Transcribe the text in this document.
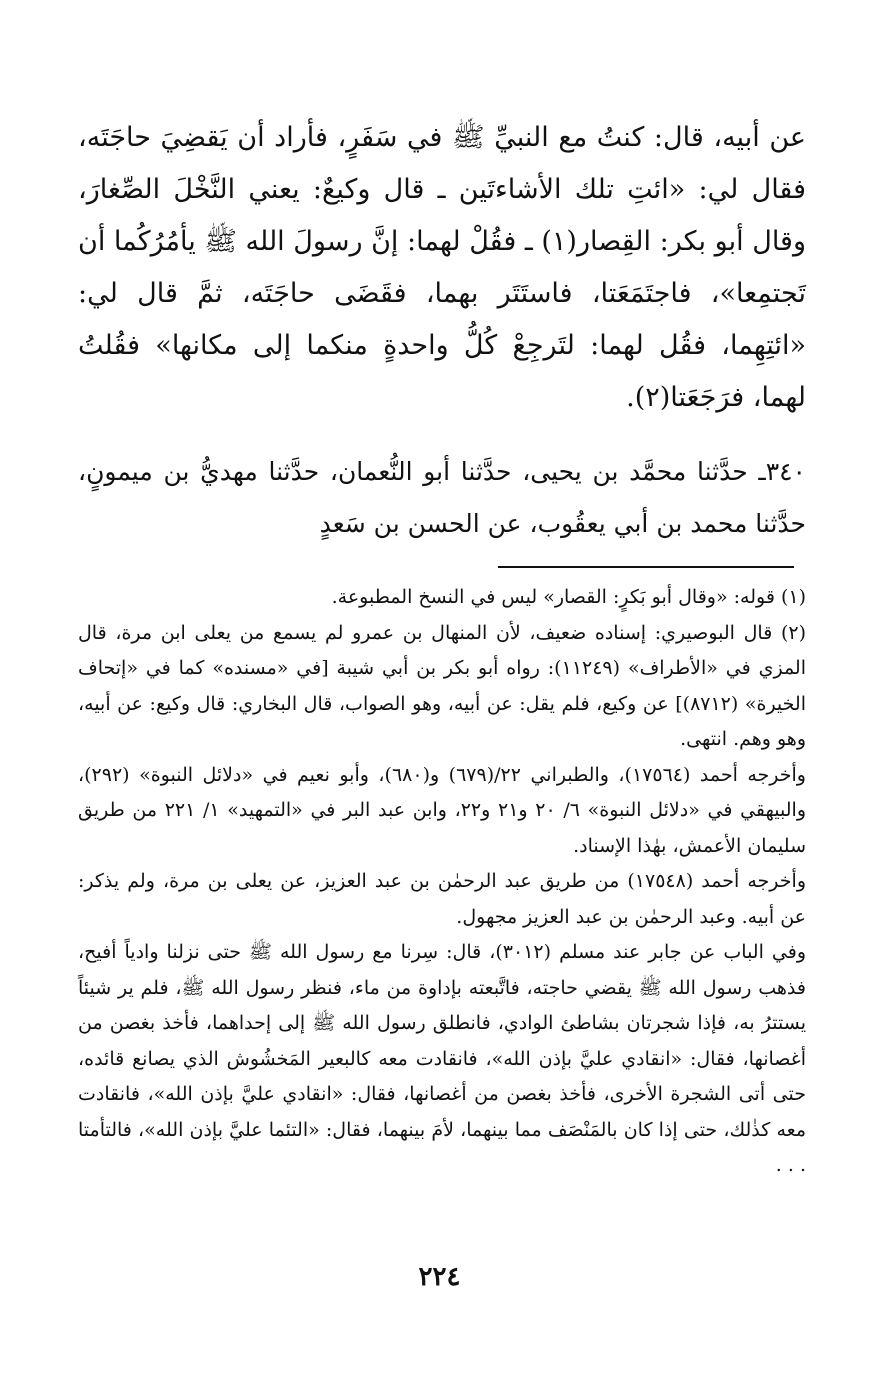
عن أبيه، قال: كنتُ مع النبيِّ ﷺ في سَفَرٍ، فأراد أن يَقضِيَ حاجَتَه، فقال لي: «ائتِ تلك الأشاءتَين ـ قال وكيعٌ: يعني النَّخْلَ الصِّغارَ، وقال أبو بكر: القِصار(١) ـ فقُلْ لهما: إنَّ رسولَ الله ﷺ يأمُرُكُما أن تَجتمِعا»، فاجتَمَعَتا، فاستَتَر بهما، فقَضَى حاجَتَه، ثمَّ قال لي: «ائتِهِما، فقُل لهما: لتَرجِعْ كُلُّ واحدةٍ منكما إلى مكانها» فقُلتُ لهما، فرَجَعَتا(٢).

٣٤٠ـ حدَّثنا محمَّد بن يحيى، حدَّثنا أبو النُّعمان، حدَّثنا مهديُّ بن ميمونٍ، حدَّثنا محمد بن أبي يعقُوب، عن الحسن بن سَعدٍ

(١) قوله: «وقال أبو بَكرٍ: القصار» ليس في النسخ المطبوعة.

(٢) قال البوصيري: إسناده ضعيف، لأن المنهال بن عمرو لم يسمع من يعلى ابن مرة، قال المزي في «الأطراف» (١١٢٤٩): رواه أبو بكر بن أبي شيبة [في «مسنده» كما في «إتحاف الخيرة» (٨٧١٢)] عن وكيع، فلم يقل: عن أبيه، وهو الصواب، قال البخاري: قال وكيع: عن أبيه، وهو وهم. انتهى.

وأخرجه أحمد (١٧٥٦٤)، والطبراني ٢٢/(٦٧٩) و(٦٨٠)، وأبو نعيم في «دلائل النبوة» (٢٩٢)، والبيهقي في «دلائل النبوة» ٦/ ٢٠ و٢١ و٢٢، وابن عبد البر في «التمهيد» ١/ ٢٢١ من طريق سليمان الأعمش، بهٰذا الإسناد.

وأخرجه أحمد (١٧٥٤٨) من طريق عبد الرحمٰن بن عبد العزيز، عن يعلى بن مرة، ولم يذكر: عن أبيه. وعبد الرحمٰن بن عبد العزيز مجهول.

وفي الباب عن جابر عند مسلم (٣٠١٢)، قال: سِرنا مع رسول الله ﷺ حتى نزلنا وادياً أفيح، فذهب رسول الله ﷺ يقضي حاجته، فاتَّبعته بإداوة من ماء، فنظر رسول الله ﷺ، فلم ير شيئاً يستترُ به، فإذا شجرتان بشاطئ الوادي، فانطلق رسول الله ﷺ إلى إحداهما، فأخذ بغصن من أغصانها، فقال: «انقادي عليَّ بإذن الله»، فانقادت معه كالبعير المَخشُوش الذي يصانع قائده، حتى أتى الشجرة الأخرى، فأخذ بغصن من أغصانها، فقال: «انقادي عليَّ بإذن الله»، فانقادت معه كذٰلك، حتى إذا كان بالمَنْصَف مما بينهما، لأمَ بينهما، فقال: «التئما عليَّ بإذن الله»، فالتأمتا . . .

٢٢٤
